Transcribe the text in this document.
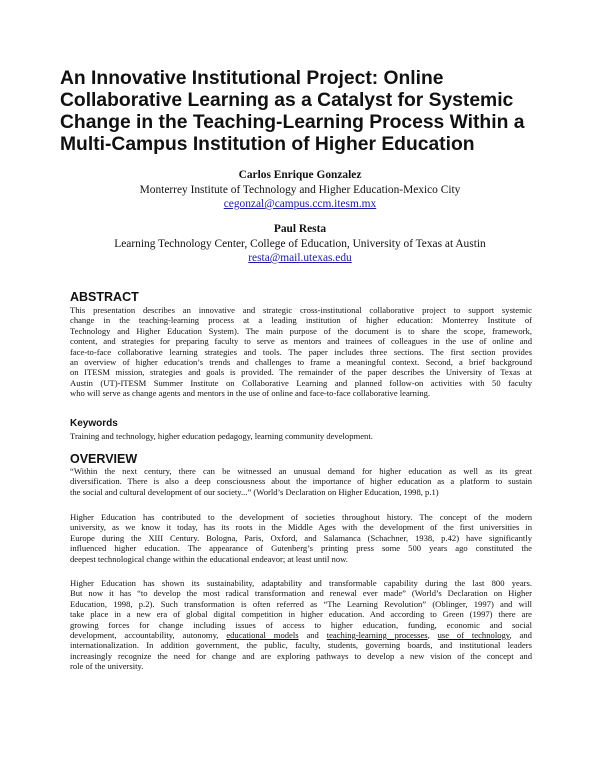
An Innovative Institutional Project: Online
Collaborative Learning as a Catalyst for Systemic
Change in the Teaching-Learning Process Within a
Multi-Campus Institution of Higher Education
Carlos Enrique Gonzalez
Monterrey Institute of Technology and Higher Education-Mexico City
cegonzal@campus.ccm.itesm.mx
Paul Resta
Learning Technology Center, College of Education, University of Texas at Austin
resta@mail.utexas.edu
ABSTRACT
This presentation describes an innovative and strategic cross-institutional collaborative project to support systemic
change in the teaching-learning process at a leading institution of higher education: Monterrey Institute of
Technology and Higher Education System). The main purpose of the document is to share the scope, framework,
content, and strategies for preparing faculty to serve as mentors and trainees of colleagues in the use of online and
face-to-face collaborative learning strategies and tools. The paper includes three sections. The first section provides
an overview of higher education’s trends and challenges to frame a meaningful context. Second, a brief background
on ITESM mission, strategies and goals is provided. The remainder of the paper describes the University of Texas at
Austin (UT)-ITESM Summer Institute on Collaborative Learning and planned follow-on activities with 50 faculty
who will serve as change agents and mentors in the use of online and face-to-face collaborative learning.
Keywords
Training and technology, higher education pedagogy, learning community development.
OVERVIEW
“Within the next century, there can be witnessed an unusual demand for higher education as well as its great
diversification. There is also a deep consciousness about the importance of higher education as a platform to sustain
the social and cultural development of our society...” (World’s Declaration on Higher Education, 1998, p.1)
Higher Education has contributed to the development of societies throughout history. The concept of the modern
university, as we know it today, has its roots in the Middle Ages with the development of the first universities in
Europe during the XIII Century. Bologna, Paris, Oxford, and Salamanca (Schachner, 1938, p.42) have significantly
influenced higher education. The appearance of Gutenberg’s printing press some 500 years ago constituted the
deepest technological change within the educational endeavor; at least until now.
Higher Education has shown its sustainability, adaptability and transformable capability during the last 800 years.
But now it has “to develop the most radical transformation and renewal ever made” (World’s Declaration on Higher
Education, 1998, p.2). Such transformation is often referred as “The Learning Revolution” (Oblinger, 1997) and will
take place in a new era of global digital competition in higher education. And according to Green (1997) there are
growing forces for change including issues of access to higher education, funding, economic and social
development, accountability, autonomy, educational models and teaching-learning processes, use of technology, and
internationalization. In addition government, the public, faculty, students, governing boards, and institutional leaders
increasingly recognize the need for change and are exploring pathways to develop a new vision of the concept and
role of the university.
